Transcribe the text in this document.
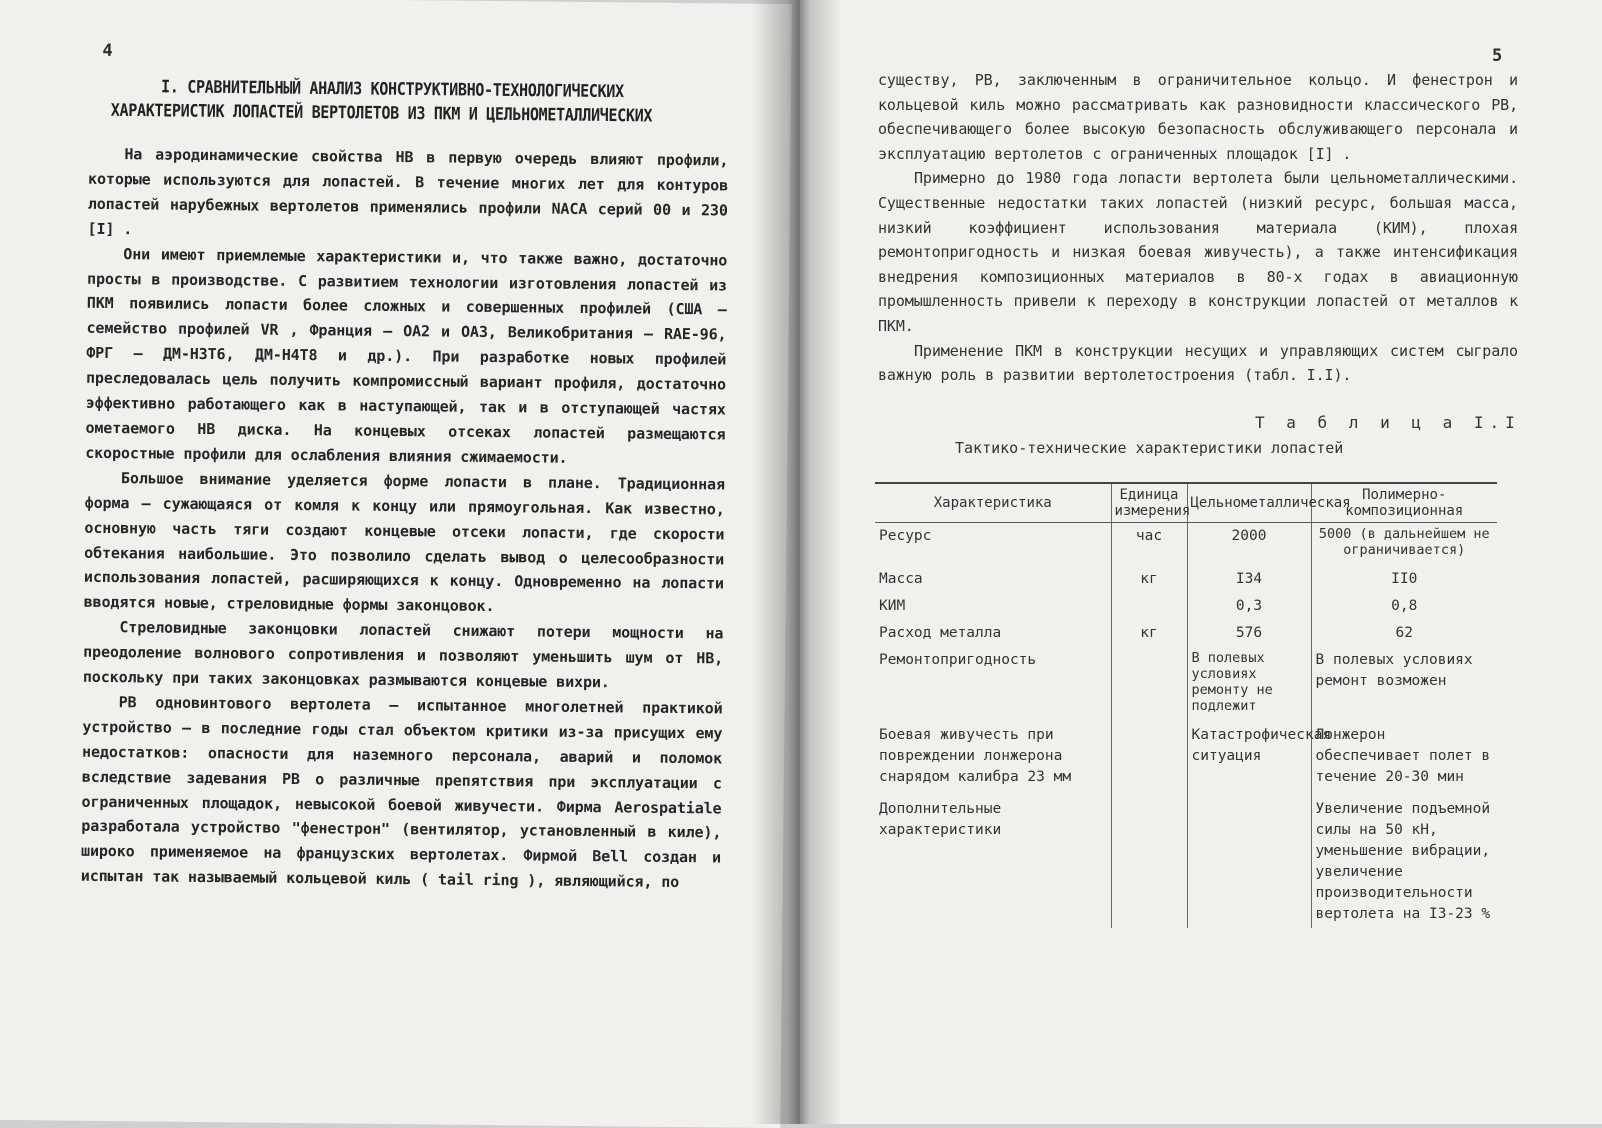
4
I. СРАВНИТЕЛЬНЫЙ АНАЛИЗ КОНСТРУКТИВНО-ТЕХНОЛОГИЧЕСКИХ
ХАРАКТЕРИСТИК ЛОПАСТЕЙ ВЕРТОЛЕТОВ ИЗ ПКМ И ЦЕЛЬНОМЕТАЛЛИЧЕСКИХ

На аэродинамические свойства НВ в первую очередь влияют профили, которые используются для лопастей. В течение многих лет для контуров лопастей нарубежных вертолетов применялись профили NACA серий 00 и 230 [I] .

Они имеют приемлемые характеристики и, что также важно, достаточно просты в производстве. С развитием технологии изготовления лопастей из ПКМ появились лопасти более сложных и совершенных профилей (США – семейство профилей VR , Франция – ОА2 и ОА3, Великобритания – RAE-96, ФРГ – ДМ-Н3Т6, ДМ-Н4Т8 и др.). При разработке новых профилей преследовалась цель получить компромиссный вариант профиля, достаточно эффективно работающего как в наступающей, так и в отступающей частях ометаемого НВ диска. На концевых отсеках лопастей размещаются скоростные профили для ослабления влияния сжимаемости.

Большое внимание уделяется форме лопасти в плане. Традиционная форма – сужающаяся от комля к концу или прямоугольная. Как известно, основную часть тяги создают концевые отсеки лопасти, где скорости обтекания наибольшие. Это позволило сделать вывод о целесообразности использования лопастей, расширяющихся к концу. Одновременно на лопасти вводятся новые, стреловидные формы законцовок.

Стреловидные законцовки лопастей снижают потери мощности на преодоление волнового сопротивления и позволяют уменьшить шум от НВ, поскольку при таких законцовках размываются концевые вихри.

РВ одновинтового вертолета – испытанное многолетней практикой устройство – в последние годы стал объектом критики из-за присущих ему недостатков: опасности для наземного персонала, аварий и поломок вследствие задевания РВ о различные препятствия при эксплуатации с ограниченных площадок, невысокой боевой живучести. Фирма Aerospatiale разработала устройство "фенестрон" (вентилятор, установленный в киле), широко применяемое на французских вертолетах. Фирмой Bell создан и испытан так называемый кольцевой киль ( tail ring ), являющийся, по

5

существу, РВ, заключенным в ограничительное кольцо. И фенестрон и кольцевой киль можно рассматривать как разновидности классического РВ, обеспечивающего более высокую безопасность обслуживающего персонала и эксплуатацию вертолетов с ограниченных площадок [I] .

Примерно до 1980 года лопасти вертолета были цельнометаллическими. Существенные недостатки таких лопастей (низкий ресурс, большая масса, низкий коэффициент использования материала (КИМ), плохая ремонтопригодность и низкая боевая живучесть), а также интенсификация внедрения композиционных материалов в 80-х годах в авиационную промышленность привели к переходу в конструкции лопастей от металлов к ПКМ.

Применение ПКМ в конструкции несущих и управляющих систем сыграло важную роль в развитии вертолетостроения (табл. I.I).

Т а б л и ц а I.I
Тактико-технические характеристики лопастей
Характеристика	Единица измерения	Цельнометаллическая	Полимерно-композиционная
Ресурс	час	2000	5000 (в дальнейшем не ограничивается)
Масса	кг	I34	II0
КИМ		0,3	0,8
Расход металла	кг	576	62
Ремонтопригодность		В полевых условиях ремонту не подлежит	В полевых условиях ремонт возможен
Боевая живучесть при повреждении лонжерона снарядом калибра 23 мм		Катастрофическая ситуация	Лонжерон обеспечивает полет в течение 20-30 мин
Дополнительные характеристики			Увеличение подъемной силы на 50 кН, уменьшение вибрации, увеличение производительности вертолета на I3-23 %
